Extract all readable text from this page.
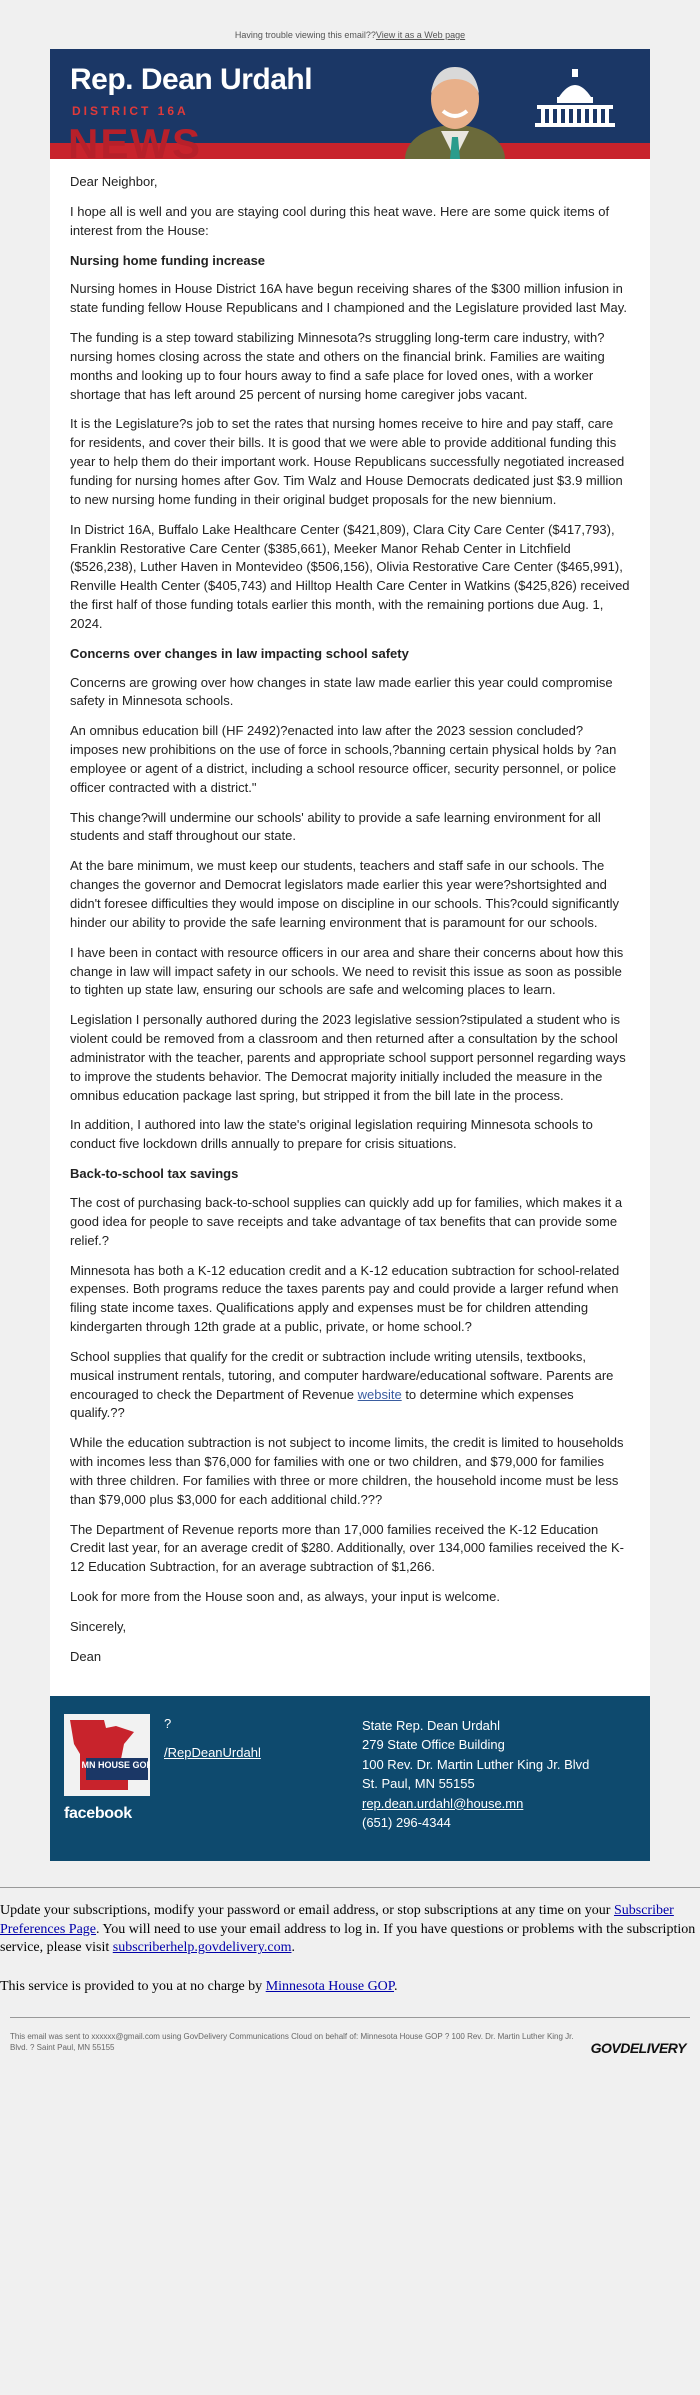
Having trouble viewing this email??View it as a Web page
Rep. Dean Urdahl
DISTRICT 16A
NEWS

Dear Neighbor,

I hope all is well and you are staying cool during this heat wave. Here are some quick items of interest from the House:

Nursing home funding increase

Nursing homes in House District 16A have begun receiving shares of the $300 million infusion in state funding fellow House Republicans and I championed and the Legislature provided last May.

The funding is a step toward stabilizing Minnesota?s struggling long-term care industry, with?nursing homes closing across the state and others on the financial brink. Families are waiting months and looking up to four hours away to find a safe place for loved ones, with a worker shortage that has left around 25 percent of nursing home caregiver jobs vacant.

It is the Legislature?s job to set the rates that nursing homes receive to hire and pay staff, care for residents, and cover their bills. It is good that we were able to provide additional funding this year to help them do their important work. House Republicans successfully negotiated increased funding for nursing homes after Gov. Tim Walz and House Democrats dedicated just $3.9 million to new nursing home funding in their original budget proposals for the new biennium.

In District 16A, Buffalo Lake Healthcare Center ($421,809), Clara City Care Center ($417,793), Franklin Restorative Care Center ($385,661), Meeker Manor Rehab Center in Litchfield ($526,238), Luther Haven in Montevideo ($506,156), Olivia Restorative Care Center ($465,991), Renville Health Center ($405,743) and Hilltop Health Care Center in Watkins ($425,826) received the first half of those funding totals earlier this month, with the remaining portions due Aug. 1, 2024.

Concerns over changes in law impacting school safety

Concerns are growing over how changes in state law made earlier this year could compromise safety in Minnesota schools.

An omnibus education bill (HF 2492)?enacted into law after the 2023 session concluded?imposes new prohibitions on the use of force in schools,?banning certain physical holds by ?an employee or agent of a district, including a school resource officer, security personnel, or police officer contracted with a district."

This change?will undermine our schools' ability to provide a safe learning environment for all students and staff throughout our state.

At the bare minimum, we must keep our students, teachers and staff safe in our schools. The changes the governor and Democrat legislators made earlier this year were?shortsighted and didn't foresee difficulties they would impose on discipline in our schools. This?could significantly hinder our ability to provide the safe learning environment that is paramount for our schools.

I have been in contact with resource officers in our area and share their concerns about how this change in law will impact safety in our schools. We need to revisit this issue as soon as possible to tighten up state law, ensuring our schools are safe and welcoming places to learn.

Legislation I personally authored during the 2023 legislative session?stipulated a student who is violent could be removed from a classroom and then returned after a consultation by the school administrator with the teacher, parents and appropriate school support personnel regarding ways to improve the students behavior. The Democrat majority initially included the measure in the omnibus education package last spring, but stripped it from the bill late in the process.

In addition, I authored into law the state's original legislation requiring Minnesota schools to conduct five lockdown drills annually to prepare for crisis situations.

Back-to-school tax savings

The cost of purchasing back-to-school supplies can quickly add up for families, which makes it a good idea for people to save receipts and take advantage of tax benefits that can provide some relief.?

Minnesota has both a K-12 education credit and a K-12 education subtraction for school-related expenses. Both programs reduce the taxes parents pay and could provide a larger refund when filing state income taxes. Qualifications apply and expenses must be for children attending kindergarten through 12th grade at a public, private, or home school.?

School supplies that qualify for the credit or subtraction include writing utensils, textbooks, musical instrument rentals, tutoring, and computer hardware/educational software. Parents are encouraged to check the Department of Revenue website to determine which expenses qualify.??

While the education subtraction is not subject to income limits, the credit is limited to households with incomes less than $76,000 for families with one or two children, and $79,000 for families with three children. For families with three or more children, the household income must be less than $79,000 plus $3,000 for each additional child.???

The Department of Revenue reports more than 17,000 families received the K-12 Education Credit last year, for an average credit of $280. Additionally, over 134,000 families received the K-12 Education Subtraction, for an average subtraction of $1,266.

Look for more from the House soon and, as always, your input is welcome.

Sincerely,

Dean

MN HOUSE GOP
facebook
?
/RepDeanUrdahl
State Rep. Dean Urdahl
279 State Office Building
100 Rev. Dr. Martin Luther King Jr. Blvd
St. Paul, MN 55155
rep.dean.urdahl@house.mn
(651) 296-4344

Update your subscriptions, modify your password or email address, or stop subscriptions at any time on your Subscriber Preferences Page. You will need to use your email address to log in. If you have questions or problems with the subscription service, please visit subscriberhelp.govdelivery.com.

This service is provided to you at no charge by Minnesota House GOP.

This email was sent to xxxxxx@gmail.com using GovDelivery Communications Cloud on behalf of: Minnesota House GOP ? 100 Rev. Dr. Martin Luther King Jr. Blvd. ? Saint Paul, MN 55155	GOVDELIVERY
